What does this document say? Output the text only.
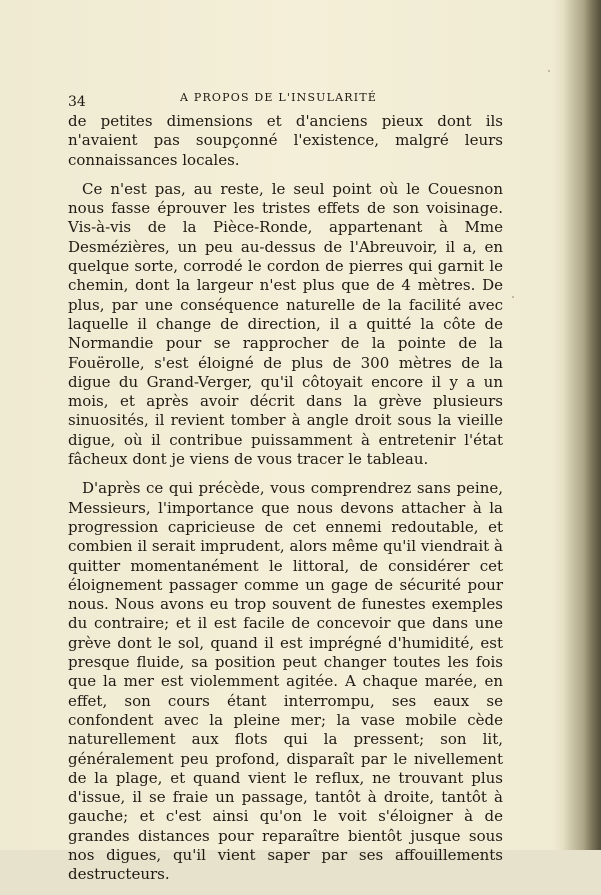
34	A PROPOS DE L'INSULARITÉ

de petites dimensions et d'anciens pieux dont ils n'avaient pas soupçonné l'existence, malgré leurs connaissances locales.

Ce n'est pas, au reste, le seul point où le Couesnon nous fasse éprouver les tristes effets de son voisinage. Vis-à-vis de la Pièce-Ronde, appartenant à Mme Desmézières, un peu au-dessus de l'Abreuvoir, il a, en quelque sorte, corrodé le cordon de pierres qui garnit le chemin, dont la largeur n'est plus que de 4 mètres. De plus, par une conséquence naturelle de la facilité avec laquelle il change de direction, il a quitté la côte de Normandie pour se rapprocher de la pointe de la Fouërolle, s'est éloigné de plus de 300 mètres de la digue du Grand-Verger, qu'il côtoyait encore il y a un mois, et après avoir décrit dans la grève plusieurs sinuosités, il revient tomber à angle droit sous la vieille digue, où il contribue puissamment à entretenir l'état fâcheux dont je viens de vous tracer le tableau.

D'après ce qui précède, vous comprendrez sans peine, Messieurs, l'importance que nous devons attacher à la progression capricieuse de cet ennemi redoutable, et combien il serait imprudent, alors même qu'il viendrait à quitter momentanément le littoral, de considérer cet éloignement passager comme un gage de sécurité pour nous. Nous avons eu trop souvent de funestes exemples du contraire; et il est facile de concevoir que dans une grève dont le sol, quand il est imprégné d'humidité, est presque fluide, sa position peut changer toutes les fois que la mer est violemment agitée. A chaque marée, en effet, son cours étant interrompu, ses eaux se confondent avec la pleine mer; la vase mobile cède naturellement aux flots qui la pressent; son lit, généralement peu profond, disparaît par le nivellement de la plage, et quand vient le reflux, ne trouvant plus d'issue, il se fraie un passage, tantôt à droite, tantôt à gauche; et c'est ainsi qu'on le voit s'éloigner à de grandes distances pour reparaître bientôt jusque sous nos digues, qu'il vient saper par ses affouillements destructeurs.
